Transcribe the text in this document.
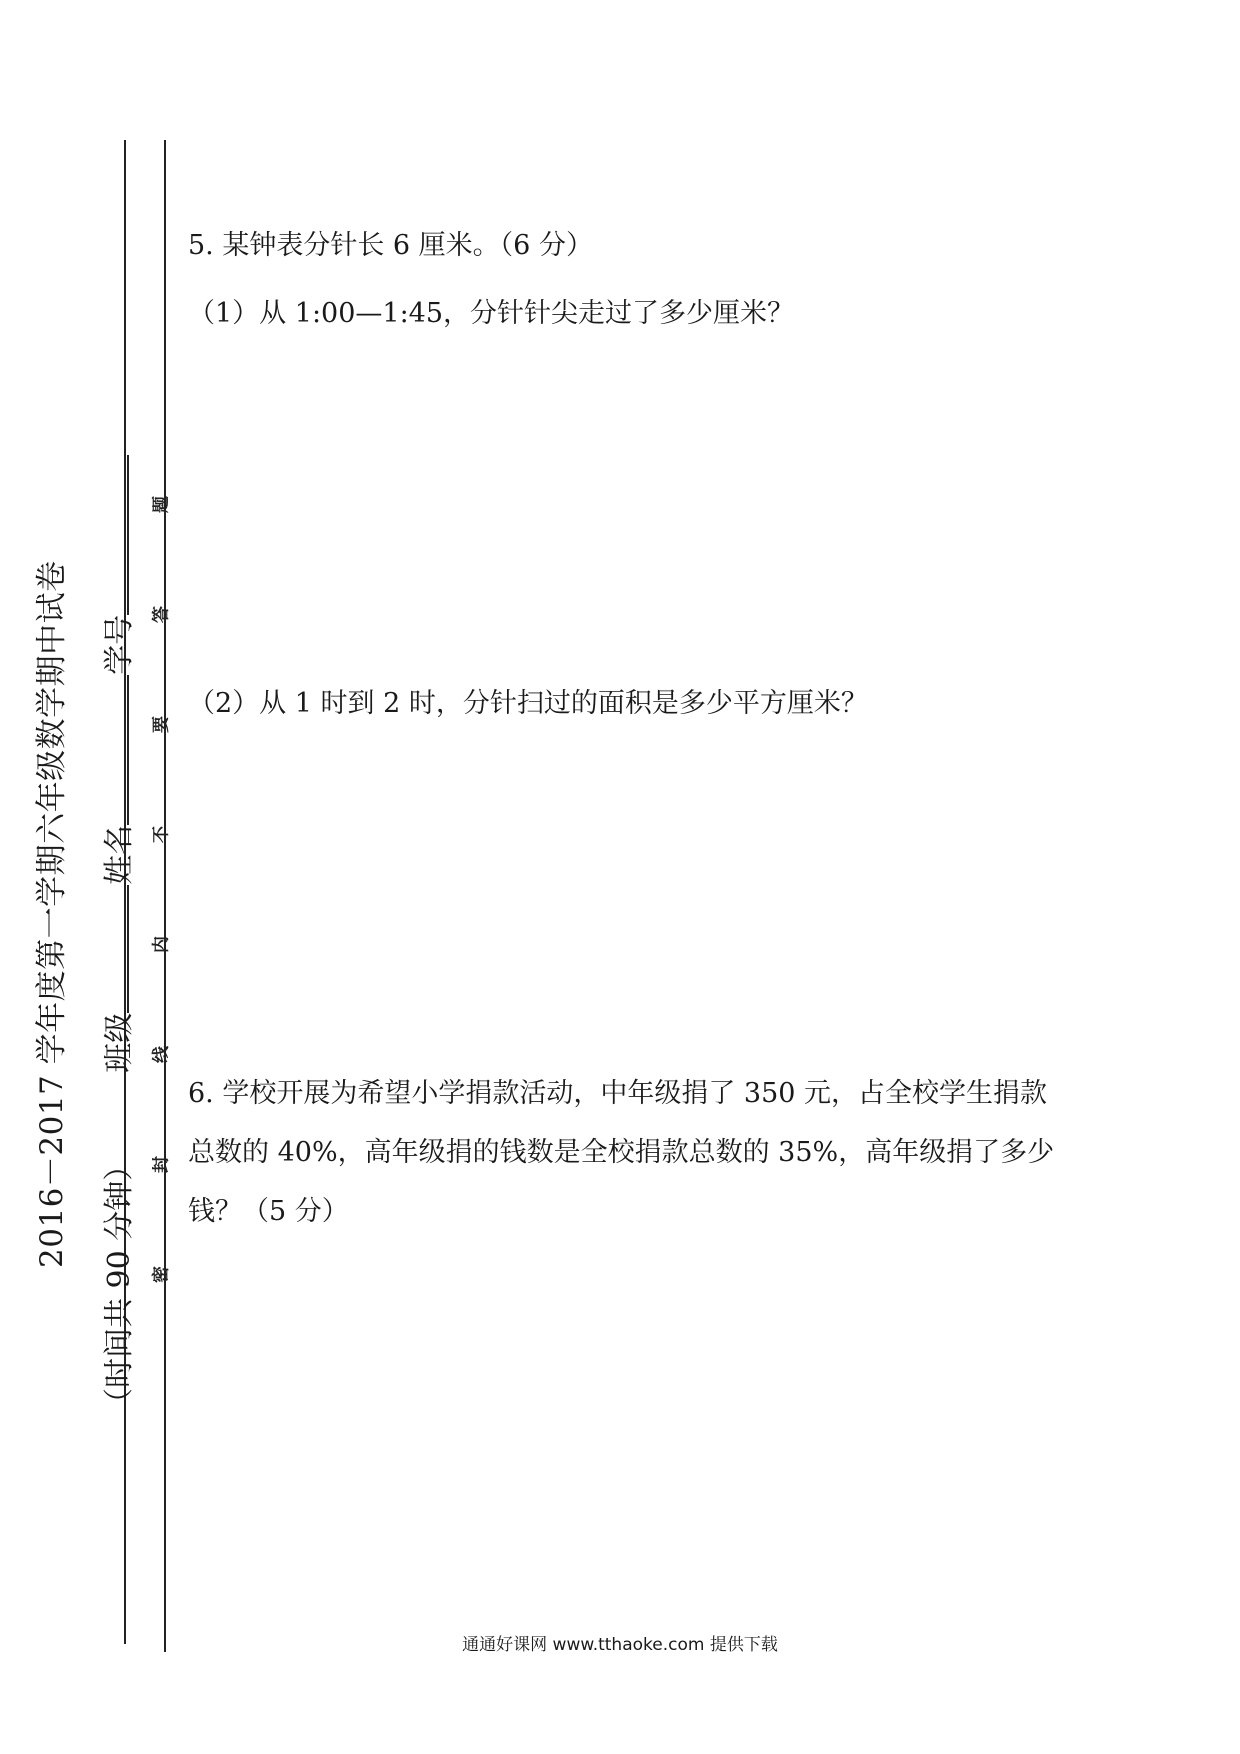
2016－2017 学年度第一学期六年级数学期中试卷
（时间共 90 分钟）班级姓名学号
密
封
线
内
不
要
答
题
5. 某钟表分针长 6 厘米。（6 分）
（1）从 1:00—1:45，分针针尖走过了多少厘米？
（2）从 1 时到 2 时，分针扫过的面积是多少平方厘米？
6. 学校开展为希望小学捐款活动，中年级捐了 350 元，占全校学生捐款总数的 40%，高年级捐的钱数是全校捐款总数的 35%，高年级捐了多少钱？（5 分）
通通好课网 www.tthaoke.com 提供下载
